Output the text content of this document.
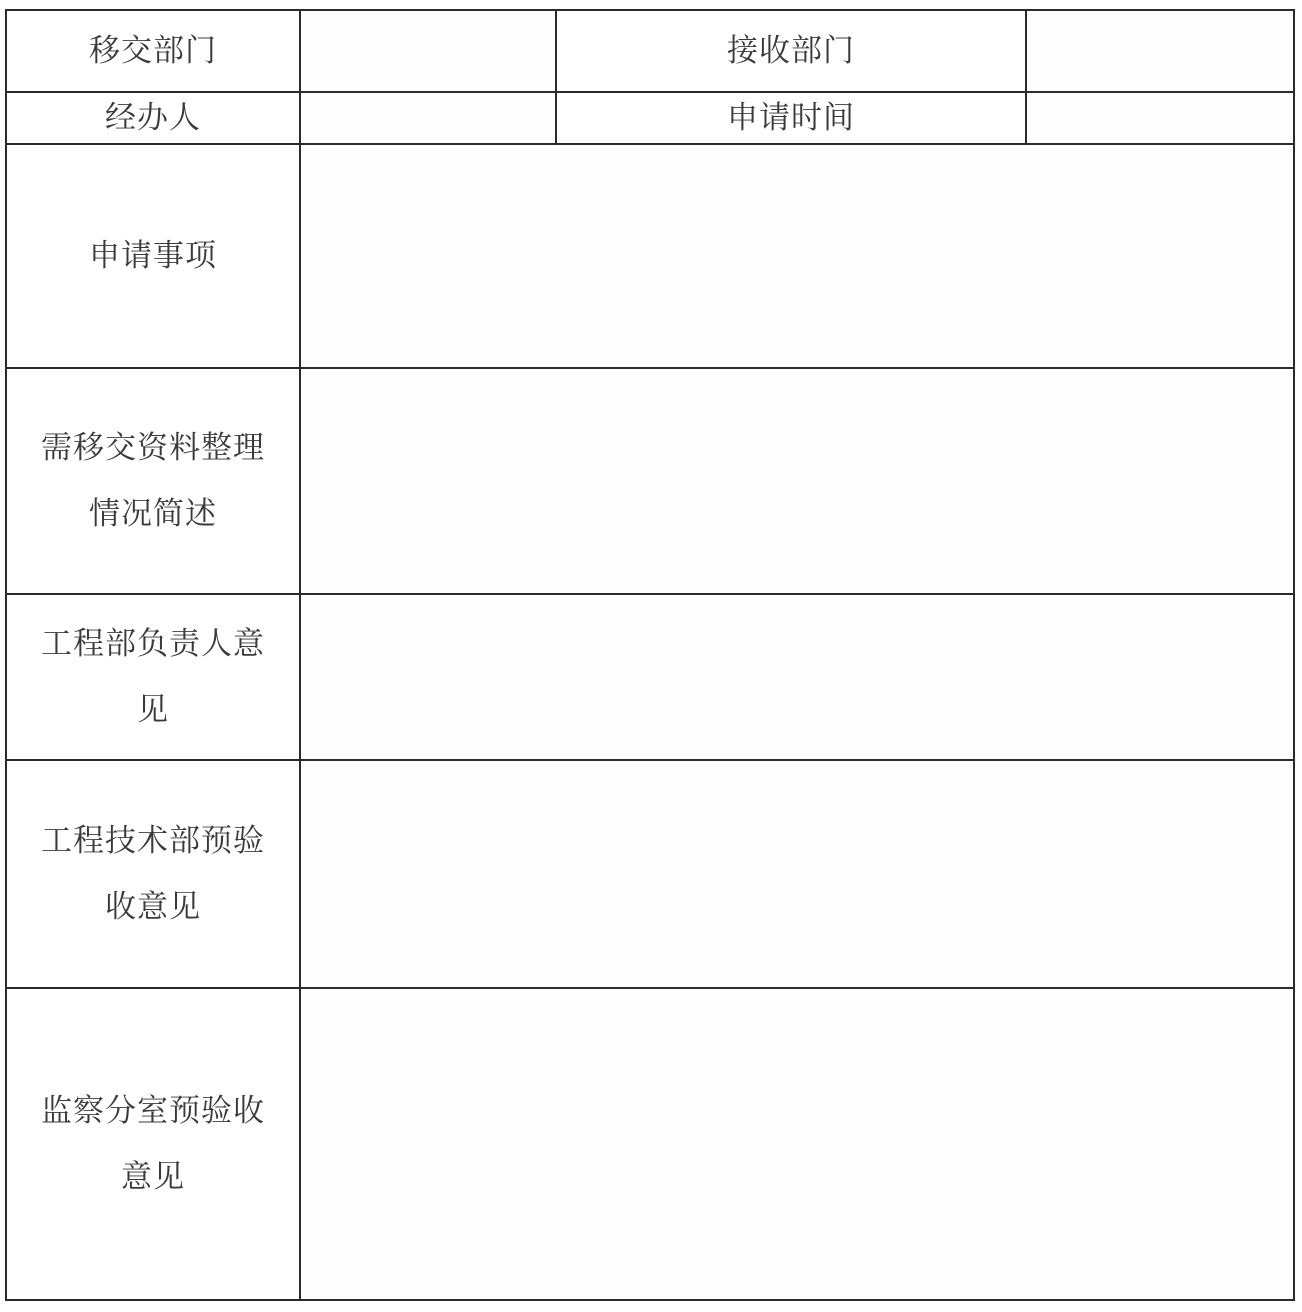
移交部门		接收部门	
经办人		申请时间	
申请事项			

需移交资料整理
情况简述			

工程部负责人意
见			

工程技术部预验
收意见			

监察分室预验收
意见			
